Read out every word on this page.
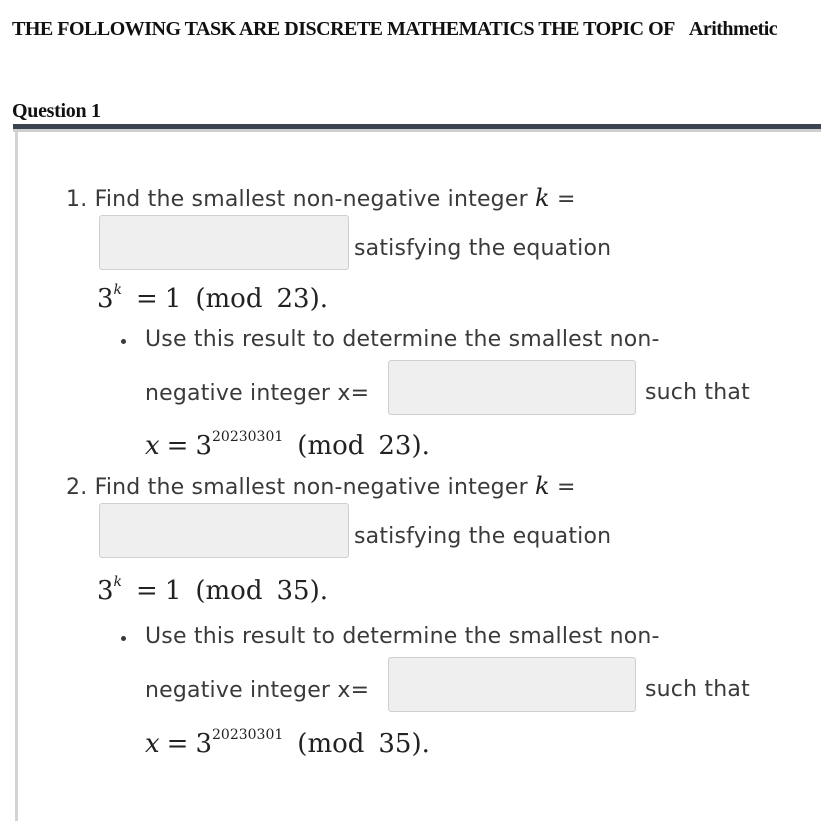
THE FOLLOWING TASK ARE DISCRETE MATHEMATICS THE TOPIC OF Arithmetic
Question 1
1. Find the smallest non-negative integer k =
satisfying the equation
$3^k = 1$ (mod 23).
Use this result to determine the smallest non-
negative integer x=	such that
$x = 3^{20230301}$ (mod 23).
2. Find the smallest non-negative integer k =
satisfying the equation
$3^k = 1$ (mod 35).
Use this result to determine the smallest non-
negative integer x=	such that
$x = 3^{20230301}$ (mod 35).
